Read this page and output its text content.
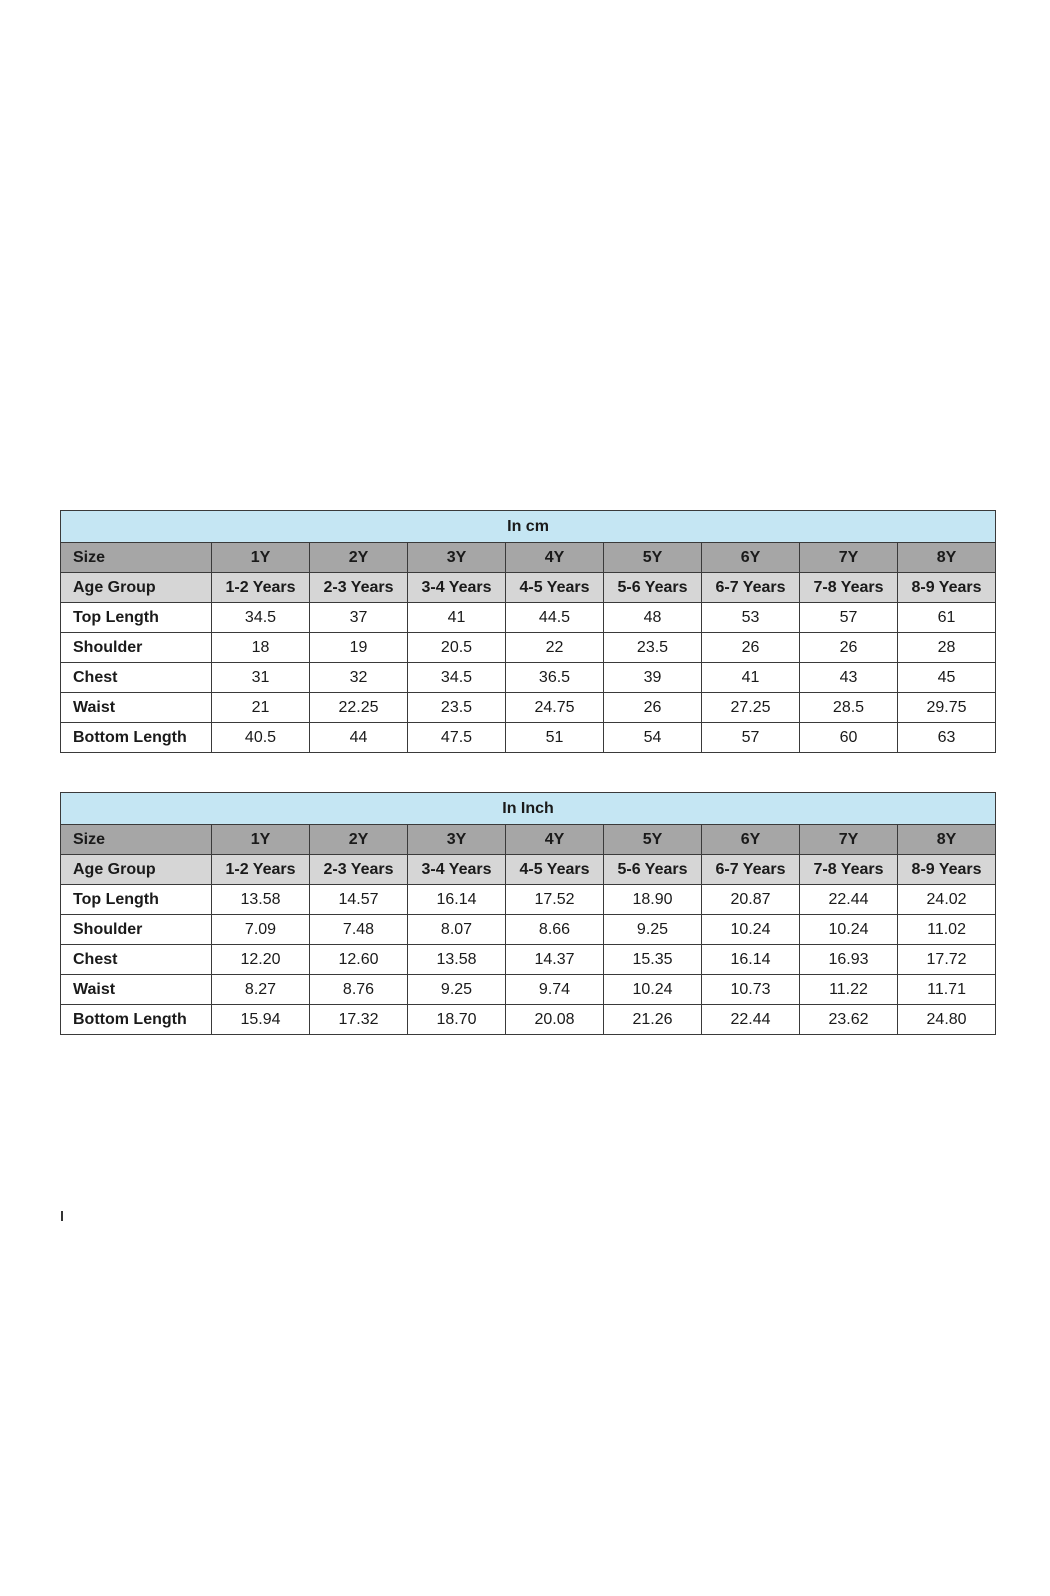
In cm								
Size	1Y	2Y	3Y	4Y	5Y	6Y	7Y	8Y
Age Group	1-2 Years	2-3 Years	3-4 Years	4-5 Years	5-6 Years	6-7 Years	7-8 Years	8-9 Years
Top Length	34.5	37	41	44.5	48	53	57	61
Shoulder	18	19	20.5	22	23.5	26	26	28
Chest	31	32	34.5	36.5	39	41	43	45
Waist	21	22.25	23.5	24.75	26	27.25	28.5	29.75
Bottom Length	40.5	44	47.5	51	54	57	60	63
In Inch								
Size	1Y	2Y	3Y	4Y	5Y	6Y	7Y	8Y
Age Group	1-2 Years	2-3 Years	3-4 Years	4-5 Years	5-6 Years	6-7 Years	7-8 Years	8-9 Years
Top Length	13.58	14.57	16.14	17.52	18.90	20.87	22.44	24.02
Shoulder	7.09	7.48	8.07	8.66	9.25	10.24	10.24	11.02
Chest	12.20	12.60	13.58	14.37	15.35	16.14	16.93	17.72
Waist	8.27	8.76	9.25	9.74	10.24	10.73	11.22	11.71
Bottom Length	15.94	17.32	18.70	20.08	21.26	22.44	23.62	24.80
